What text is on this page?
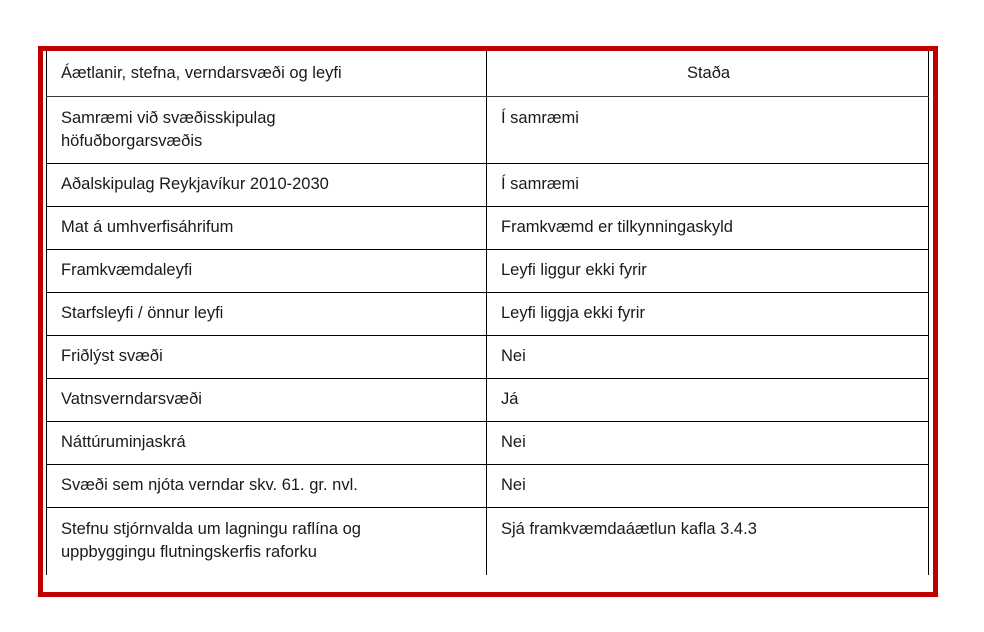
Áætlanir, stefna, verndarsvæði og leyfi	Staða

Samræmi við svæðisskipulag
höfuðborgarsvæðis	Í samræmi

Aðalskipulag Reykjavíkur 2010-2030	Í samræmi

Mat á umhverfisáhrifum	Framkvæmd er tilkynningaskyld

Framkvæmdaleyfi	Leyfi liggur ekki fyrir

Starfsleyfi / önnur leyfi	Leyfi liggja ekki fyrir

Friðlýst svæði	Nei

Vatnsverndarsvæði	Já

Náttúruminjaskrá	Nei

Svæði sem njóta verndar skv. 61. gr. nvl.	Nei

Stefnu stjórnvalda um lagningu raflína og
uppbyggingu flutningskerfis raforku	Sjá framkvæmdaáætlun kafla 3.4.3
